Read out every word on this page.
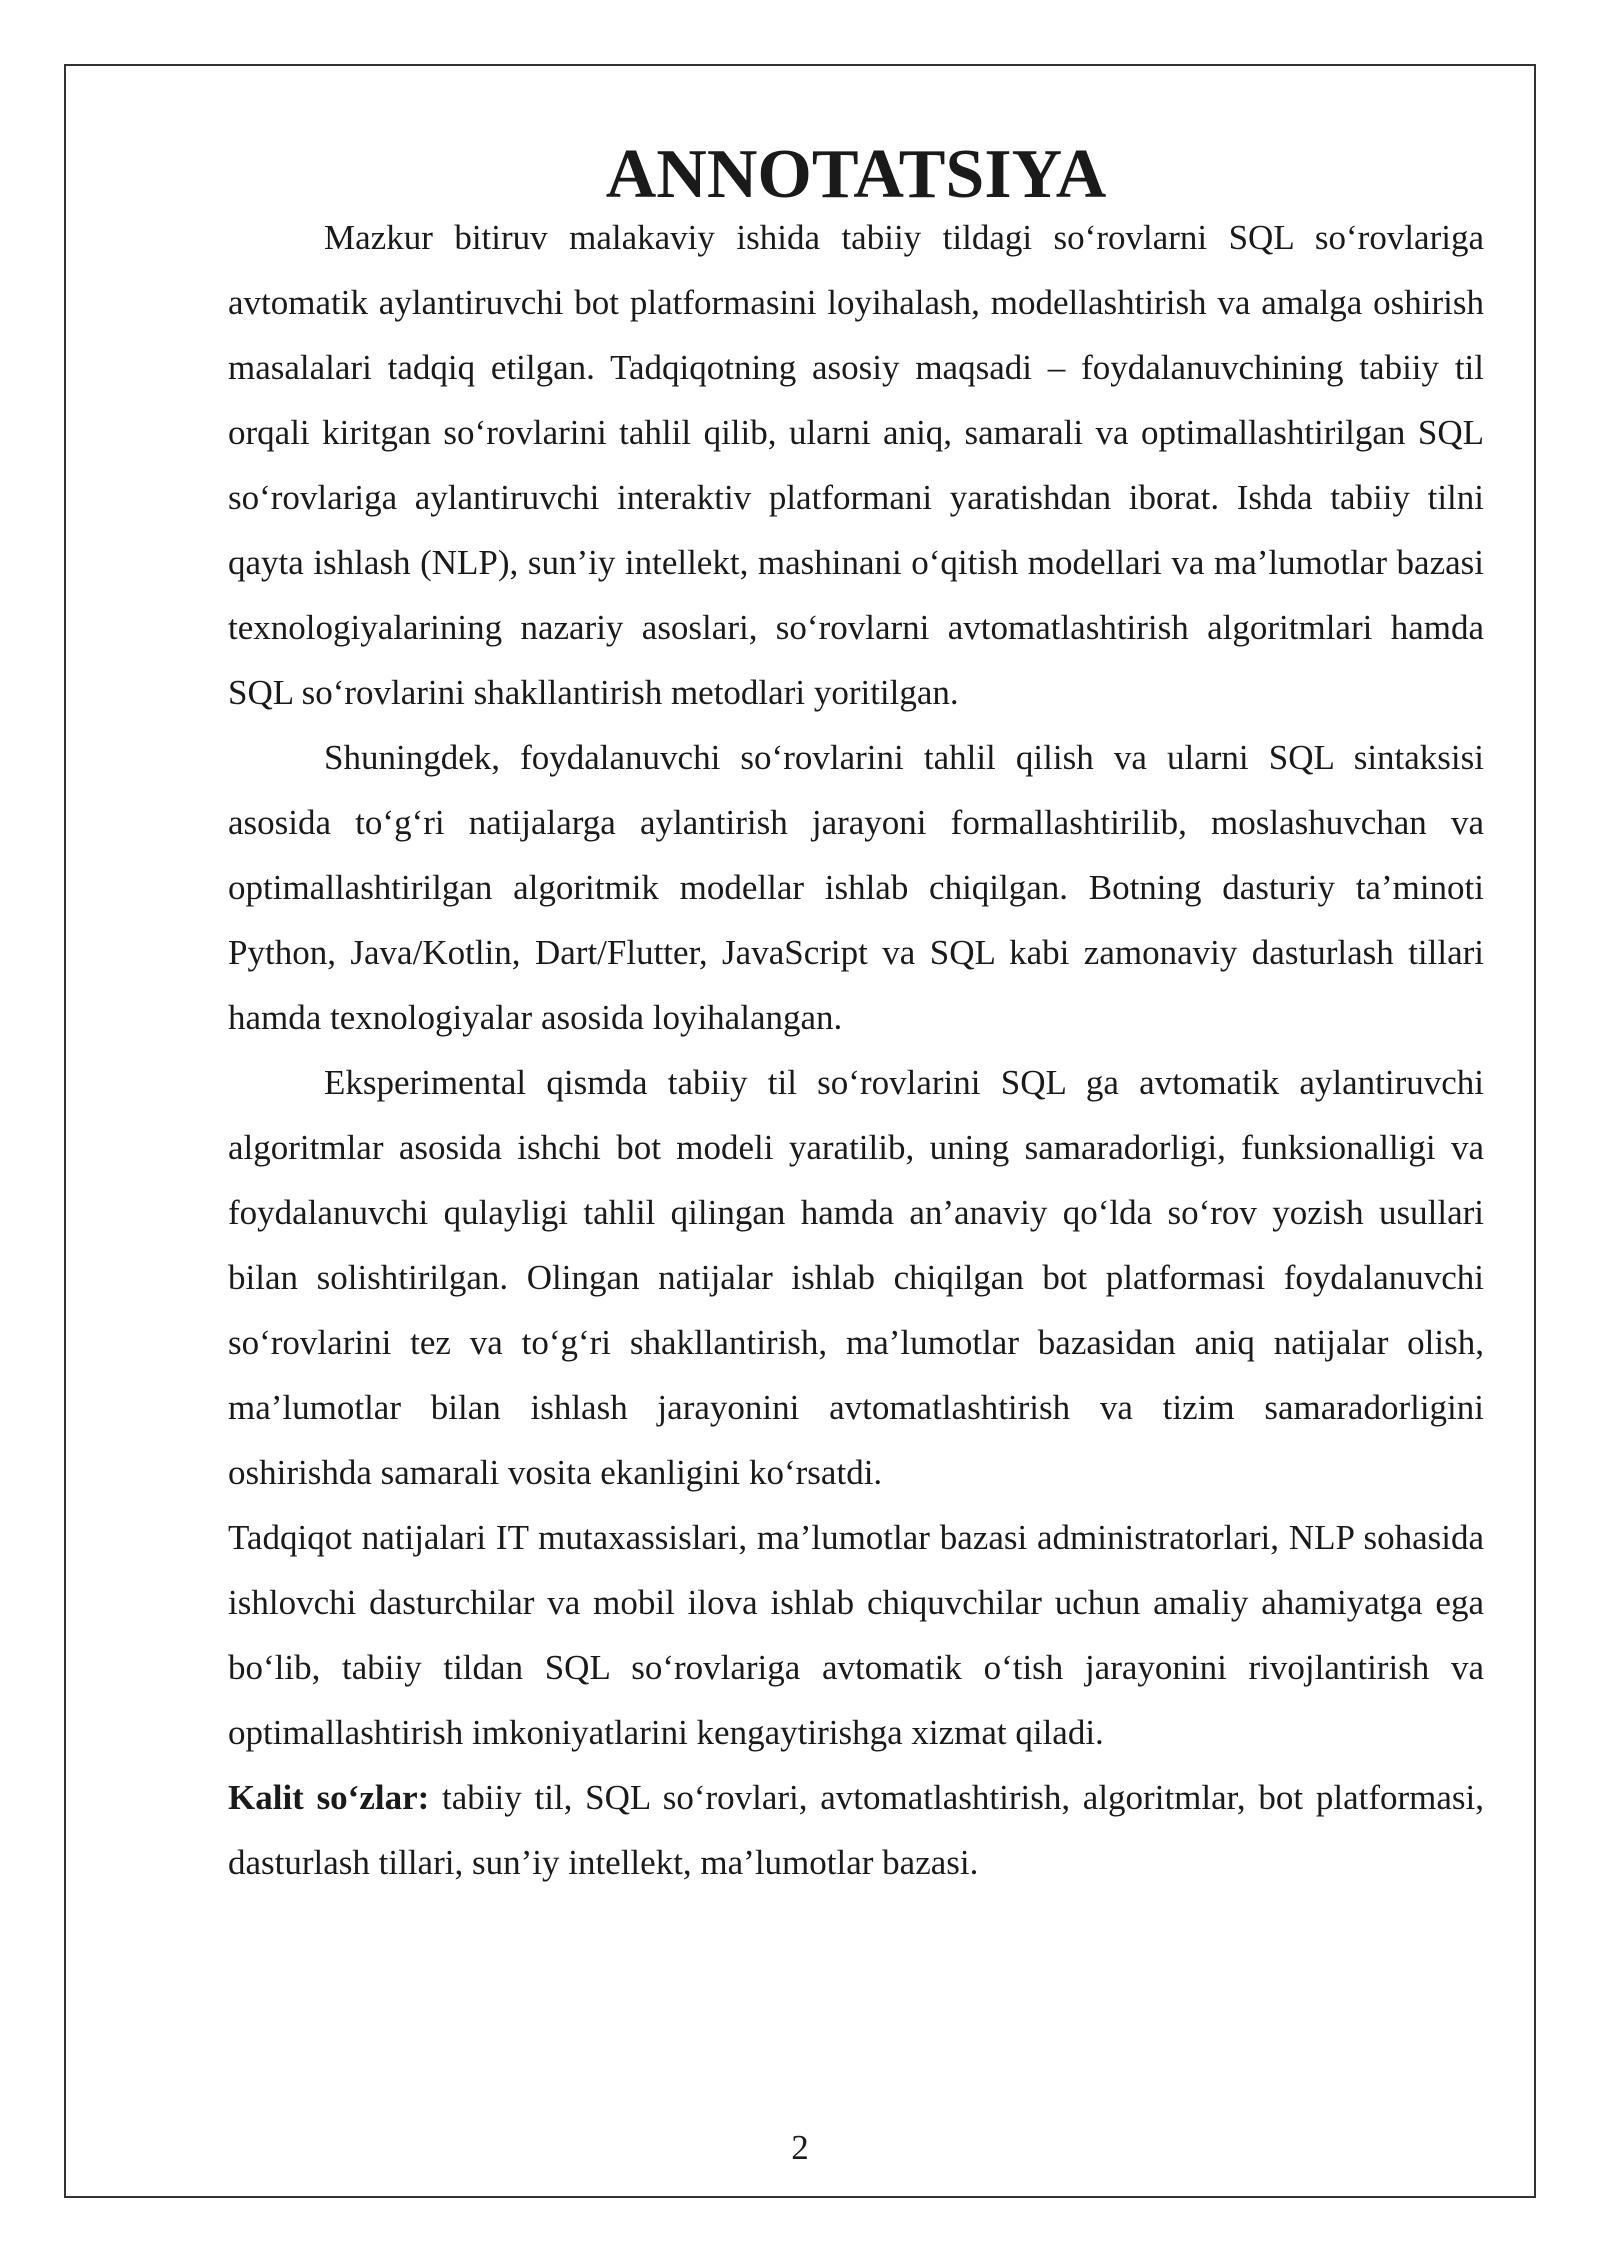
ANNOTATSIYA

Mazkur bitiruv malakaviy ishida tabiiy tildagi so‘rovlarni SQL so‘rovlariga avtomatik aylantiruvchi bot platformasini loyihalash, modellashtirish va amalga oshirish masalalari tadqiq etilgan. Tadqiqotning asosiy maqsadi – foydalanuvchining tabiiy til orqali kiritgan so‘rovlarini tahlil qilib, ularni aniq, samarali va optimallashtirilgan SQL so‘rovlariga aylantiruvchi interaktiv platformani yaratishdan iborat. Ishda tabiiy tilni qayta ishlash (NLP), sun’iy intellekt, mashinani o‘qitish modellari va ma’lumotlar bazasi texnologiyalarining nazariy asoslari, so‘rovlarni avtomatlashtirish algoritmlari hamda SQL so‘rovlarini shakllantirish metodlari yoritilgan.

Shuningdek, foydalanuvchi so‘rovlarini tahlil qilish va ularni SQL sintaksisi asosida to‘g‘ri natijalarga aylantirish jarayoni formallashtirilib, moslashuvchan va optimallashtirilgan algoritmik modellar ishlab chiqilgan. Botning dasturiy ta’minoti Python, Java/Kotlin, Dart/Flutter, JavaScript va SQL kabi zamonaviy dasturlash tillari hamda texnologiyalar asosida loyihalangan.

Eksperimental qismda tabiiy til so‘rovlarini SQL ga avtomatik aylantiruvchi algoritmlar asosida ishchi bot modeli yaratilib, uning samaradorligi, funksionalligi va foydalanuvchi qulayligi tahlil qilingan hamda an’anaviy qo‘lda so‘rov yozish usullari bilan solishtirilgan. Olingan natijalar ishlab chiqilgan bot platformasi foydalanuvchi so‘rovlarini tez va to‘g‘ri shakllantirish, ma’lumotlar bazasidan aniq natijalar olish, ma’lumotlar bilan ishlash jarayonini avtomatlashtirish va tizim samaradorligini oshirishda samarali vosita ekanligini ko‘rsatdi.

Tadqiqot natijalari IT mutaxassislari, ma’lumotlar bazasi administratorlari, NLP sohasida ishlovchi dasturchilar va mobil ilova ishlab chiquvchilar uchun amaliy ahamiyatga ega bo‘lib, tabiiy tildan SQL so‘rovlariga avtomatik o‘tish jarayonini rivojlantirish va optimallashtirish imkoniyatlarini kengaytirishga xizmat qiladi.

Kalit so‘zlar: tabiiy til, SQL so‘rovlari, avtomatlashtirish, algoritmlar, bot platformasi, dasturlash tillari, sun’iy intellekt, ma’lumotlar bazasi.

2
